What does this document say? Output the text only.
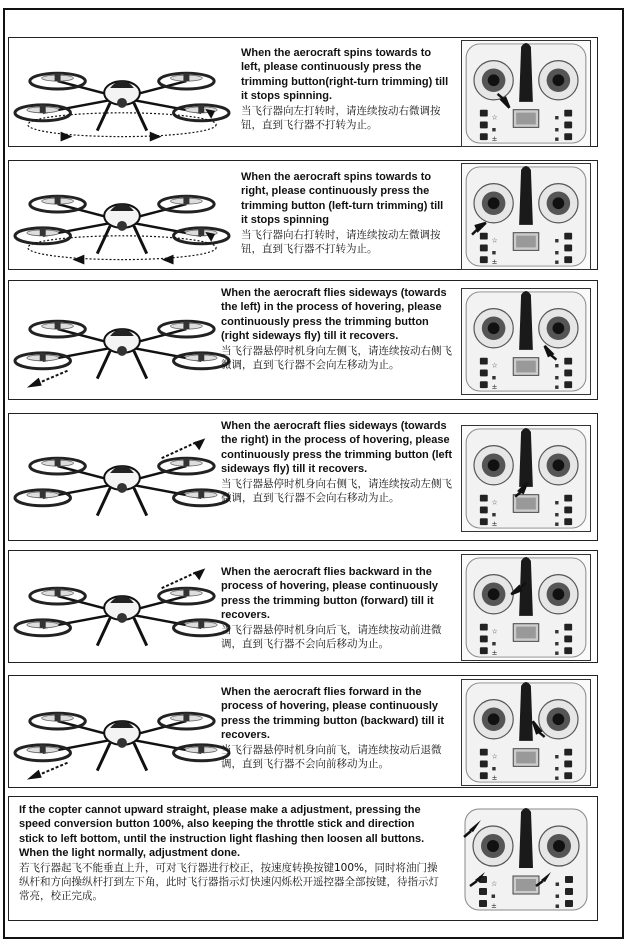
When the aerocraft spins towards to left, please continuously press the trimming button(right-turn trimming) till it stops spinning.
当飞行器向左打转时，请连续按动右微调按钮，直到飞行器不打转为止。
☆
▪
±
▪
▪
▪
When the aerocraft spins towards to right, please continuously press the trimming button (left-turn trimming) till it stops spinning
当飞行器向右打转时，请连续按动左微调按钮，直到飞行器不打转为止。
☆
▪
±
▪
▪
▪
When the aerocraft flies sideways (towards the left) in the process of hovering, please continuously press the trimming button (right sideways fly) till it recovers.
当飞行器悬停时机身向左侧飞，请连续按动右侧飞微调，直到飞行器不会向左移动为止。	☆
▪
±
▪
▪
▪
When the aerocraft flies sideways (towards the right) in the process of hovering, please continuously press the trimming button (left sideways fly) till it recovers.
当飞行器悬停时机身向右侧飞，请连续按动左侧飞微调，直到飞行器不会向右移动为止。	☆
▪
±
▪
▪
▪
When the aerocraft flies backward in the process of hovering, please continuously press the trimming button (forward) till it recovers.
当飞行器悬停时机身向后飞，请连续按动前进微调，直到飞行器不会向后移动为止。
☆
▪
±
▪
▪
▪
When the aerocraft flies forward in the process of hovering, please continuously press the trimming button (backward) till it recovers.
当飞行器悬停时机身向前飞，请连续按动后退微调，直到飞行器不会向前移动为止。
☆
▪
±
▪
▪
▪
If the copter cannot upward straight, please make a adjustment, pressing the speed conversion button 100%, also keeping the throttle stick and direction stick to left bottom, until the instruction light flashing then loosen all buttons. When the light normally, adjustment done.
若飞行器起飞不能垂直上升，可对飞行器进行校正，按速度转换按键100%，同时将油门操纵杆和方向操纵杆打到左下角，此时飞行器指示灯快速闪烁松开遥控器全部按键，待指示灯常亮，校正完成。
☆
▪
±
▪
▪
▪
